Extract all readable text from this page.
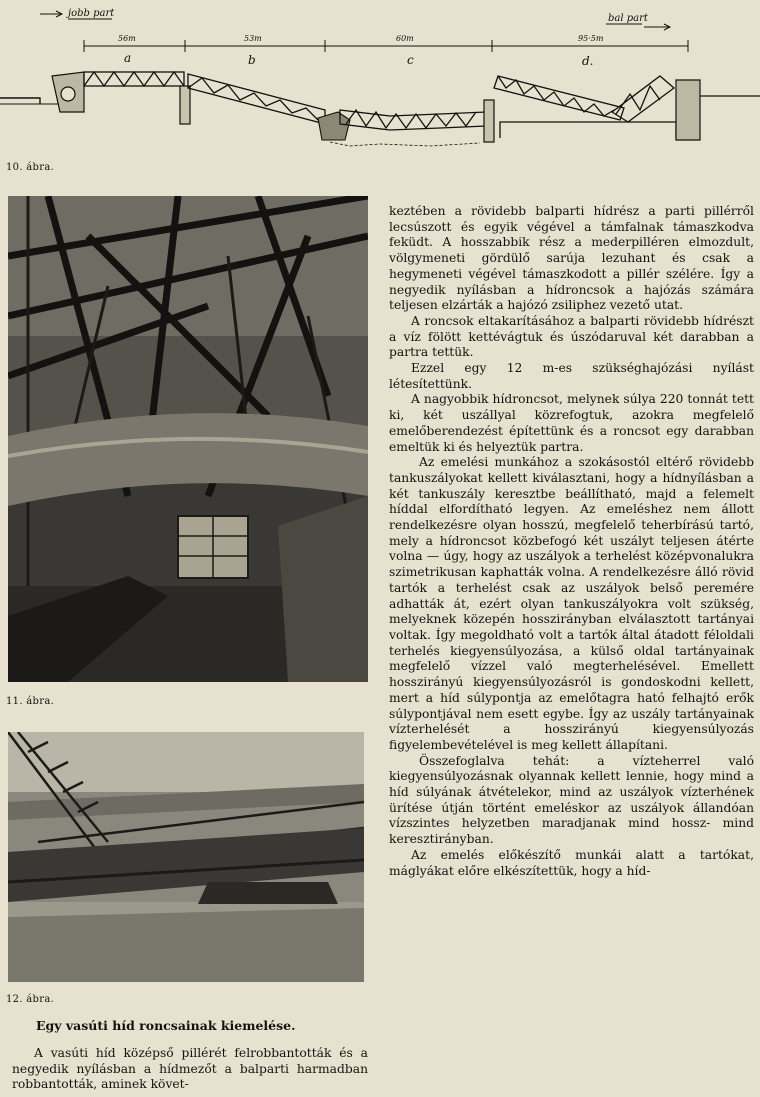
jobb part	bal part
56m	53m	60m	95·5m
a	b	c	d.
10. ábra.
11. ábra.
12. ábra.
Egy vasúti híd roncsainak kiemelése.

A vasúti híd középső pillérét felrobbantották és a negyedik nyílásban a hídmezőt a balparti harmadban robbantották, aminek követ-

keztében a rövidebb balparti hídrész a parti pillérről lecsúszott és egyik végével a támfalnak támaszkodva feküdt. A hosszabbik rész a mederpilléren elmozdult, völgymeneti gördülő sarúja lezuhant és csak a hegymeneti végével támaszkodott a pillér szélére. Így a negyedik nyílásban a hídroncsok a hajózás számára teljesen elzárták a hajózó zsiliphez vezető utat.

A roncsok eltakarításához a balparti rövidebb hídrészt a víz fölött kettévágtuk és úszódaruval két darabban a partra tettük.

Ezzel egy 12 m-es szükséghajózási nyílást létesítettünk.

A nagyobbik hídroncsot, melynek súlya 220 tonnát tett ki, két uszállyal közrefogtuk, azokra megfelelő emelőberendezést építettünk és a roncsot egy darabban emeltük ki és helyeztük partra.

Az emelési munkához a szokásostól eltérő rövidebb tankuszályokat kellett kiválasztani, hogy a hídnyílásban a két tankuszály keresztbe beállítható, majd a felemelt híddal elfordítható legyen. Az emeléshez nem állott rendelkezésre olyan hosszú, megfelelő teherbírású tartó, mely a hídroncsot közbefogó két uszályt teljesen átérte volna — úgy, hogy az uszályok a terhelést középvonalukra szimetrikusan kaphatták volna. A rendelkezésre álló rövid tartók a terhelést csak az uszályok belső peremére adhatták át, ezért olyan tankuszályokra volt szükség, melyeknek közepén hosszirányban elválasztott tartányai voltak. Így megoldható volt a tartók által átadott féloldali terhelés kiegyensúlyozása, a külső oldal tartányainak megfelelő vízzel való megterhelésével. Emellett hosszirányú kiegyensúlyozásról is gondoskodni kellett, mert a híd súlypontja az emelőtagra ható felhajtó erők súlypontjával nem esett egybe. Így az uszály tartányainak vízterhelését a hosszirányú kiegyensúlyozás figyelembevételével is meg kellett állapítani.

Összefoglalva tehát: a vízteherrel való kiegyensúlyozásnak olyannak kellett lennie, hogy mind a híd súlyának átvételekor, mind az uszályok vízterhének ürítése útján történt emeléskor az uszályok állandóan vízszintes helyzetben maradjanak mind hossz- mind keresztirányban.

Az emelés előkészítő munkái alatt a tartókat, máglyákat előre elkészítettük, hogy a híd-
